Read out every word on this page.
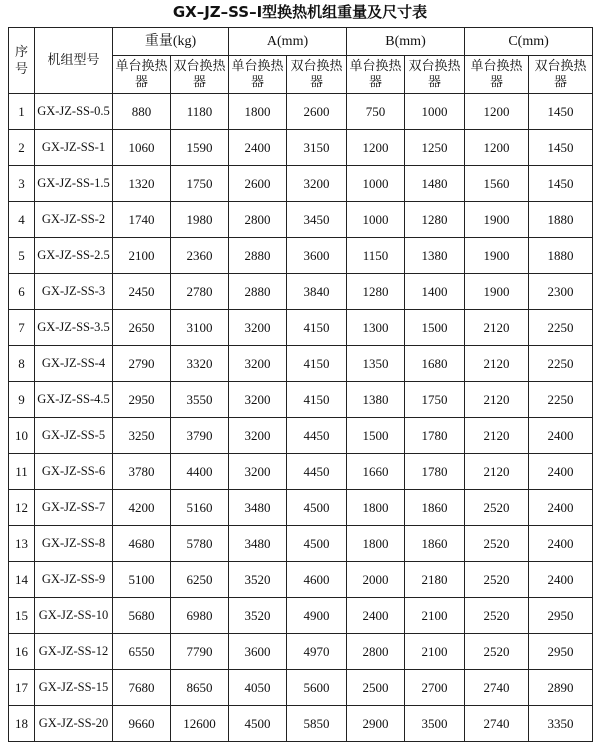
GX–JZ–SS–Ⅰ型换热机组重量及尺寸表
序号	机组型号	重量(kg)		A(mm)		B(mm)		C(mm)	
		单台换热器	双台换热器	单台换热器	双台换热器	单台换热器	双台换热器	单台换热器	双台换热器
1	GX-JZ-SS-0.5	880	1180	1800	2600	750	1000	1200	1450
2	GX-JZ-SS-1	1060	1590	2400	3150	1200	1250	1200	1450
3	GX-JZ-SS-1.5	1320	1750	2600	3200	1000	1480	1560	1450
4	GX-JZ-SS-2	1740	1980	2800	3450	1000	1280	1900	1880
5	GX-JZ-SS-2.5	2100	2360	2880	3600	1150	1380	1900	1880
6	GX-JZ-SS-3	2450	2780	2880	3840	1280	1400	1900	2300
7	GX-JZ-SS-3.5	2650	3100	3200	4150	1300	1500	2120	2250
8	GX-JZ-SS-4	2790	3320	3200	4150	1350	1680	2120	2250
9	GX-JZ-SS-4.5	2950	3550	3200	4150	1380	1750	2120	2250
10	GX-JZ-SS-5	3250	3790	3200	4450	1500	1780	2120	2400
11	GX-JZ-SS-6	3780	4400	3200	4450	1660	1780	2120	2400
12	GX-JZ-SS-7	4200	5160	3480	4500	1800	1860	2520	2400
13	GX-JZ-SS-8	4680	5780	3480	4500	1800	1860	2520	2400
14	GX-JZ-SS-9	5100	6250	3520	4600	2000	2180	2520	2400
15	GX-JZ-SS-10	5680	6980	3520	4900	2400	2100	2520	2950
16	GX-JZ-SS-12	6550	7790	3600	4970	2800	2100	2520	2950
17	GX-JZ-SS-15	7680	8650	4050	5600	2500	2700	2740	2890
18	GX-JZ-SS-20	9660	12600	4500	5850	2900	3500	2740	3350
